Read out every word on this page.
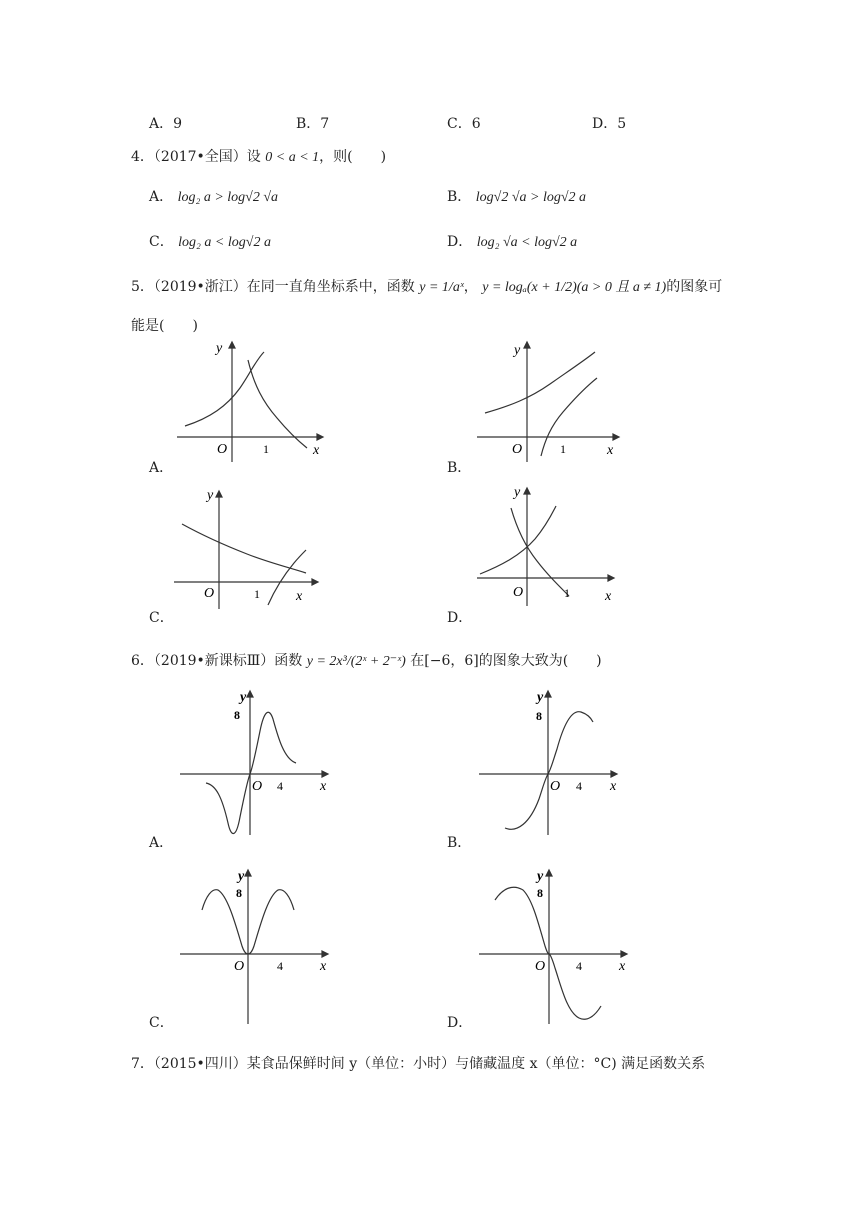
A．9	B．7	C．6	D．5
4．（2017•全国）设 0 < a < 1，则(　　)
A． log₂ a > log√2 √a	B． log√2 √a > log√2 a
C． log₂ a < log√2 a	D． log₂ √a < log√2 a
5．（2019•浙江）在同一直角坐标系中，函数 y = 1/aˣ， y = logₐ(x + 1/2)(a > 0 且 a ≠ 1)的图象可
能是(　　)
y
x
O	1
A．
y
x
O	1
B．
y
x
O	1
C．
y
x
O	1
D．
6．（2019•新课标Ⅲ）函数 y = 2x³/(2ˣ + 2⁻ˣ) 在[−6，6]的图象大致为(　　)
y
8
x
O 4
A．
y
8
x
O 4
B．
y
8
x
O	4
C．
y
8
x
O	4
D．
7．（2015•四川）某食品保鲜时间 y（单位：小时）与储藏温度 x（单位：°C) 满足函数关系
